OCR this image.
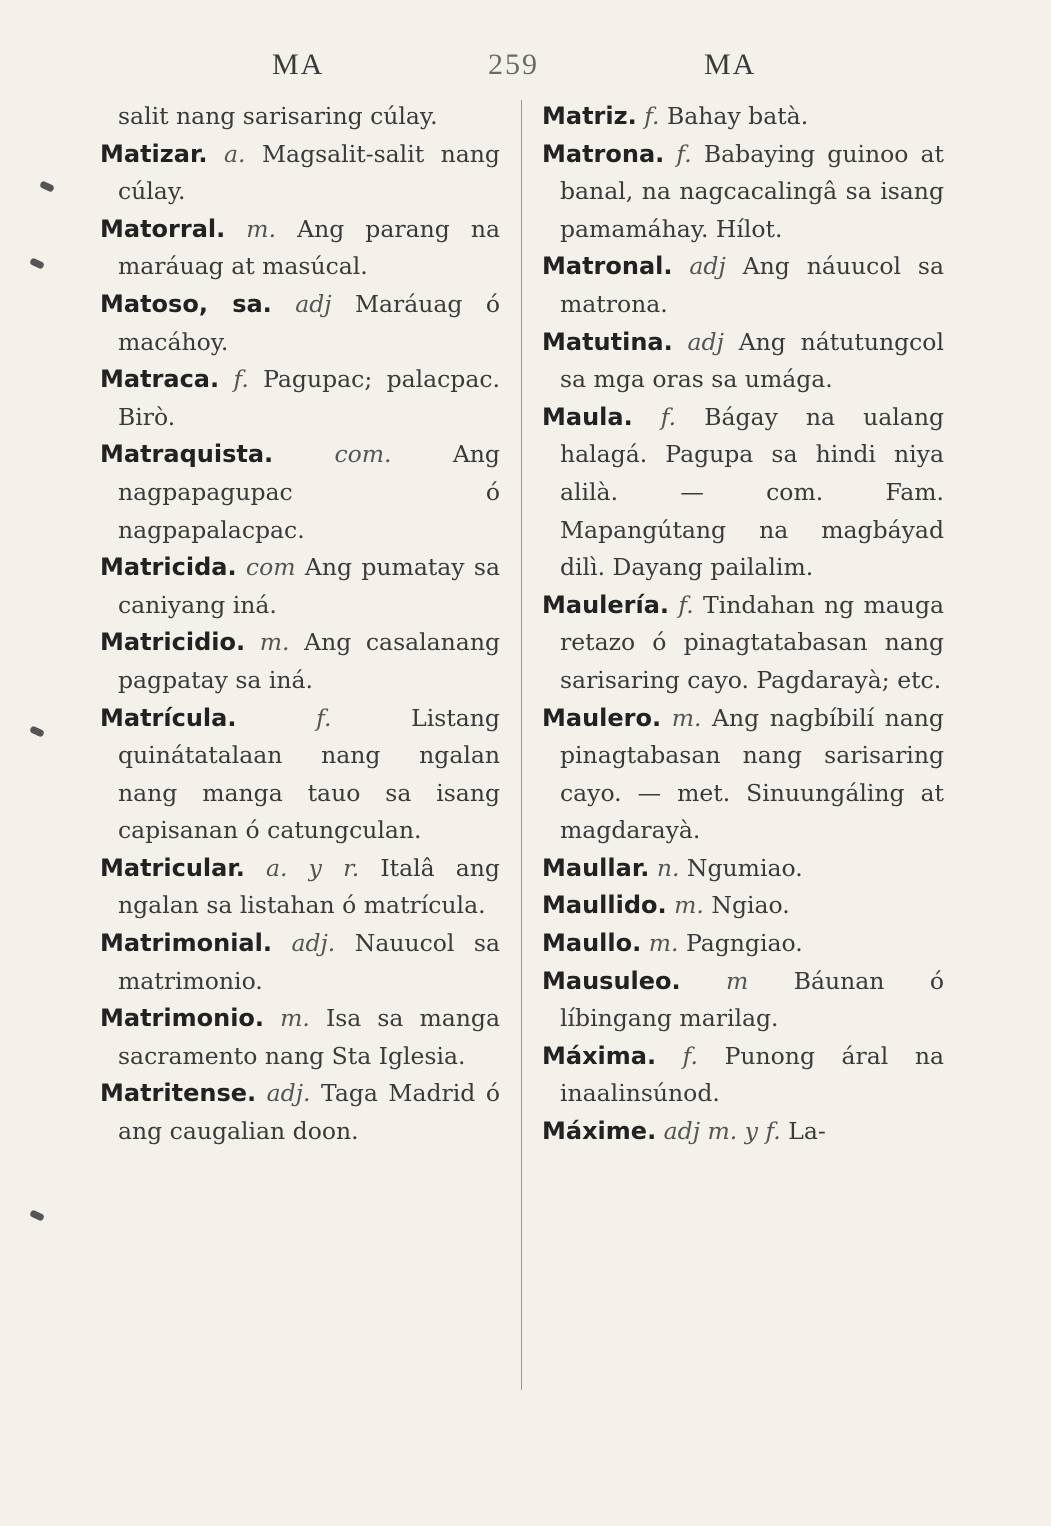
MA	259	MA

salit nang sarisaring cúlay.

Matizar. a. Magsalit-salit nang cúlay.

Matorral. m. Ang parang na maráuag at masúcal.

Matoso, sa. adj Maráuag ó macáhoy.

Matraca. f. Pagupac; palacpac. Birò.

Matraquista.	com.	Ang nagpapagupac ó nagpapalacpac.

Matricida. com Ang pumatay sa caniyang iná.

Matricidio. m. Ang casalanang pagpatay sa iná.

Matrícula.	f.	Listang quinátatalaan nang ngalan nang manga tauo sa isang capisanan ó catungculan.

Matricular. a. y r. Italâ ang ngalan sa listahan ó matrícula.

Matrimonial. adj. Nauucol sa matrimonio.

Matrimonio. m. Isa sa manga sacramento nang Sta Iglesia.

Matritense. adj. Taga Madrid ó ang caugalian doon.

Matriz. f. Bahay batà.

Matrona. f. Babaying guinoo at banal, na nagcacalingâ sa isang pamamáhay. Hílot.

Matronal. adj Ang náuucol sa matrona.

Matutina. adj Ang nátutungcol sa mga oras sa umága.

Maula. f. Bágay na ualang halagá. Pagupa sa hindi niya alilà. — com. Fam. Mapangútang na magbáyad dilì. Dayang pailalim.

Maulería. f. Tindahan ng mauga retazo ó pinagtatabasan nang sarisaring cayo. Pagdarayà; etc.

Maulero. m. Ang nagbíbilí nang pinagtabasan nang sarisaring cayo. — met. Sinuungáling at magdarayà.

Maullar. n. Ngumiao.

Maullido. m. Ngiao.

Maullo. m. Pagngiao.

Mausuleo. m Báunan ó líbingang marilag.

Máxima. f. Punong áral na inaalinsúnod.

Máxime. adj m. y f. La-
